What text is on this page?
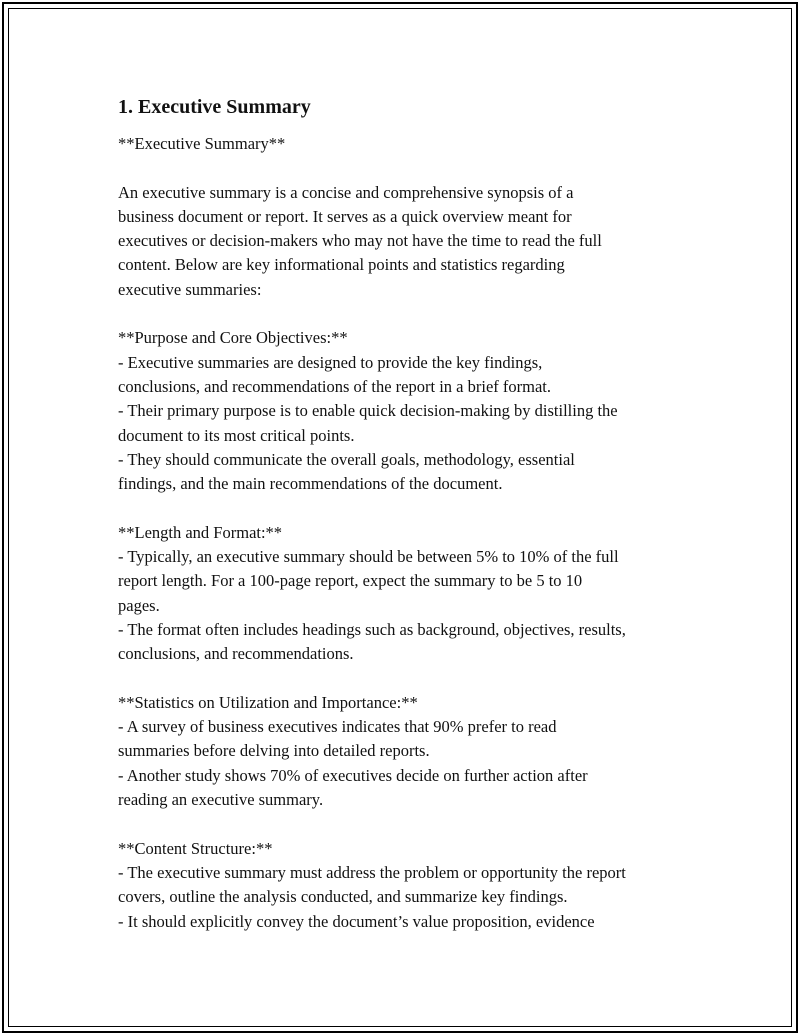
1. Executive Summary

**Executive Summary**

An executive summary is a concise and comprehensive synopsis of a
business document or report. It serves as a quick overview meant for
executives or decision-makers who may not have the time to read the full
content. Below are key informational points and statistics regarding
executive summaries:
**Purpose and Core Objectives:**
- Executive summaries are designed to provide the key findings,
conclusions, and recommendations of the report in a brief format.
- Their primary purpose is to enable quick decision-making by distilling the
document to its most critical points.
- They should communicate the overall goals, methodology, essential
findings, and the main recommendations of the document.
**Length and Format:**
- Typically, an executive summary should be between 5% to 10% of the full
report length. For a 100-page report, expect the summary to be 5 to 10
pages.
- The format often includes headings such as background, objectives, results,
conclusions, and recommendations.
**Statistics on Utilization and Importance:**
- A survey of business executives indicates that 90% prefer to read
summaries before delving into detailed reports.
- Another study shows 70% of executives decide on further action after
reading an executive summary.
**Content Structure:**
- The executive summary must address the problem or opportunity the report
covers, outline the analysis conducted, and summarize key findings.
- It should explicitly convey the document’s value proposition, evidence
